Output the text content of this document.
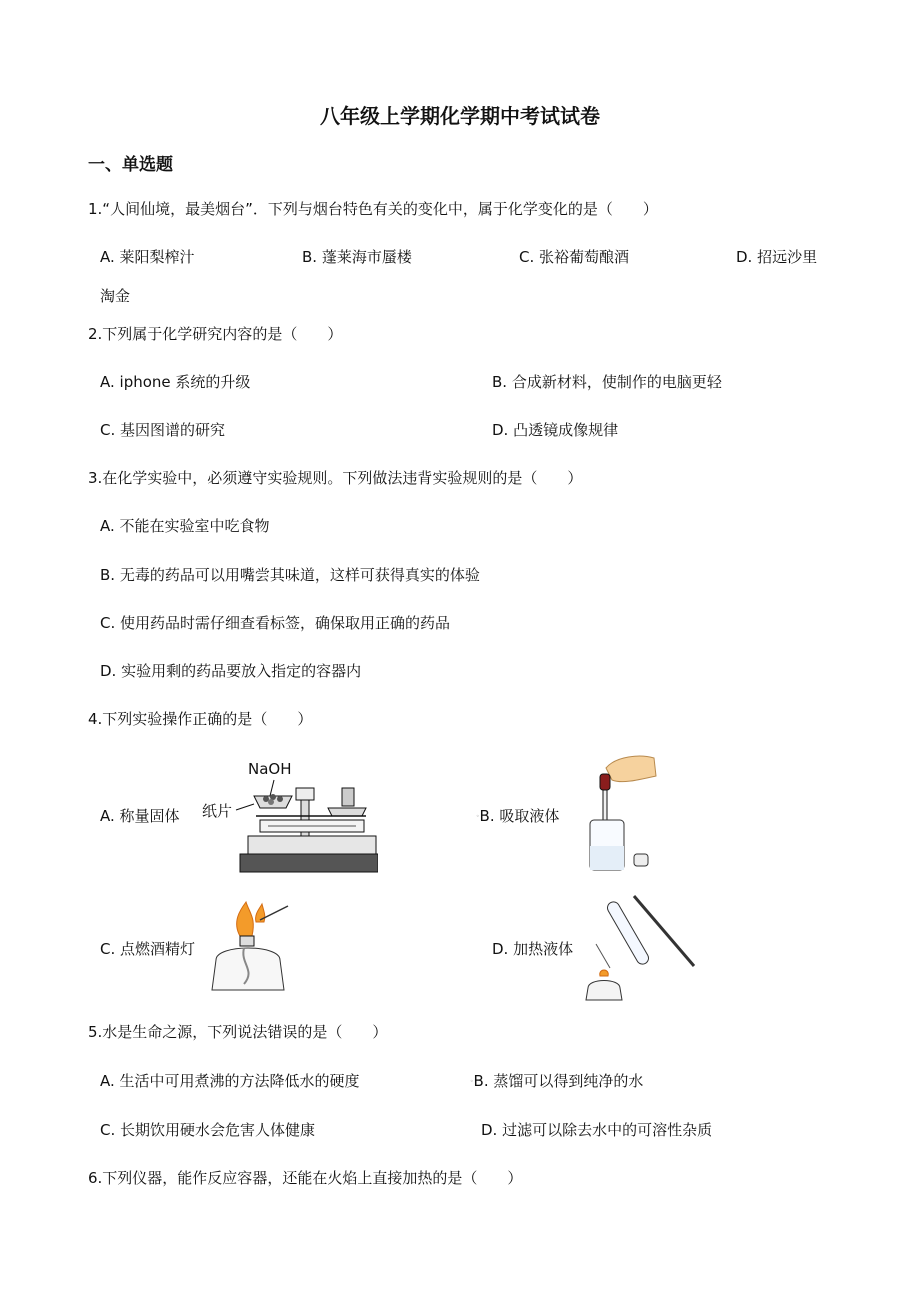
八年级上学期化学期中考试试卷
一、单选题
1.“人间仙境，最美烟台”．下列与烟台特色有关的变化中，属于化学变化的是（　　）
A. 莱阳梨榨汁	B. 蓬莱海市蜃楼	C. 张裕葡萄酿酒	D. 招远沙里
淘金
2.下列属于化学研究内容的是（　　）
A. iphone 系统的升级	B. 合成新材料，使制作的电脑更轻
C. 基因图谱的研究	D. 凸透镜成像规律
3.在化学实验中，必须遵守实验规则。下列做法违背实验规则的是（　　）
A. 不能在实验室中吃食物
B. 无毒的药品可以用嘴尝其味道，这样可获得真实的体验
C. 使用药品时需仔细查看标签，确保取用正确的药品
D. 实验用剩的药品要放入指定的容器内
4.下列实验操作正确的是（　　）
A. 称量固体
NaOH
纸片	◦B. 吸取液体
C. 点燃酒精灯	D. 加热液体
5.水是生命之源，下列说法错误的是（　　）
A. 生活中可用煮沸的方法降低水的硬度	◦B. 蒸馏可以得到纯净的水
C. 长期饮用硬水会危害人体健康	D. 过滤可以除去水中的可溶性杂质
6.下列仪器，能作反应容器，还能在火焰上直接加热的是（　　）
